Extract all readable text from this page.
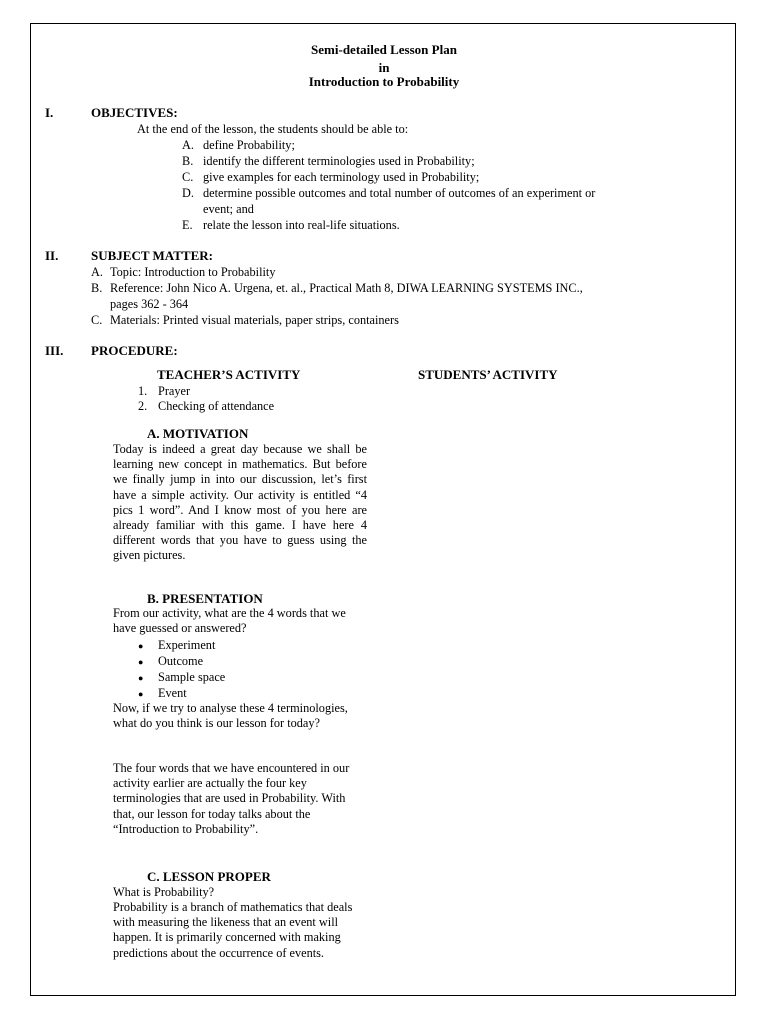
Semi-detailed Lesson Plan
in
Introduction to Probability
I.	OBJECTIVES:
At the end of the lesson, the students should be able to:
A. define Probability;
B. identify the different terminologies used in Probability;
C. give examples for each terminology used in Probability;
D. determine possible outcomes and total number of outcomes of an experiment or
event; and
E. relate the lesson into real-life situations.
II.	SUBJECT MATTER:
A. Topic: Introduction to Probability
B. Reference: John Nico A. Urgena, et. al., Practical Math 8, DIWA LEARNING SYSTEMS INC.,
pages 362 - 364
C. Materials: Printed visual materials, paper strips, containers
III. PROCEDURE:
TEACHER’S ACTIVITY	STUDENTS’ ACTIVITY
1. Prayer
2. Checking of attendance
A. MOTIVATION
Today is indeed a great day because we shall be learning new concept in mathematics. But before we finally jump in into our discussion, let’s first have a simple activity. Our activity is entitled “4 pics 1 word”. And I know most of you here are already familiar with this game. I have here 4 different words that you have to guess using the given pictures.
B. PRESENTATION
From our activity, what are the 4 words that we have guessed or answered?
● Experiment
● Outcome
● Sample space
● Event
Now, if we try to analyse these 4 terminologies, what do you think is our lesson for today?
The four words that we have encountered in our activity earlier are actually the four key terminologies that are used in Probability. With that, our lesson for today talks about the “Introduction to Probability”.
C. LESSON PROPER
What is Probability?
Probability is a branch of mathematics that deals with measuring the likeness that an event will happen. It is primarily concerned with making predictions about the occurrence of events.
